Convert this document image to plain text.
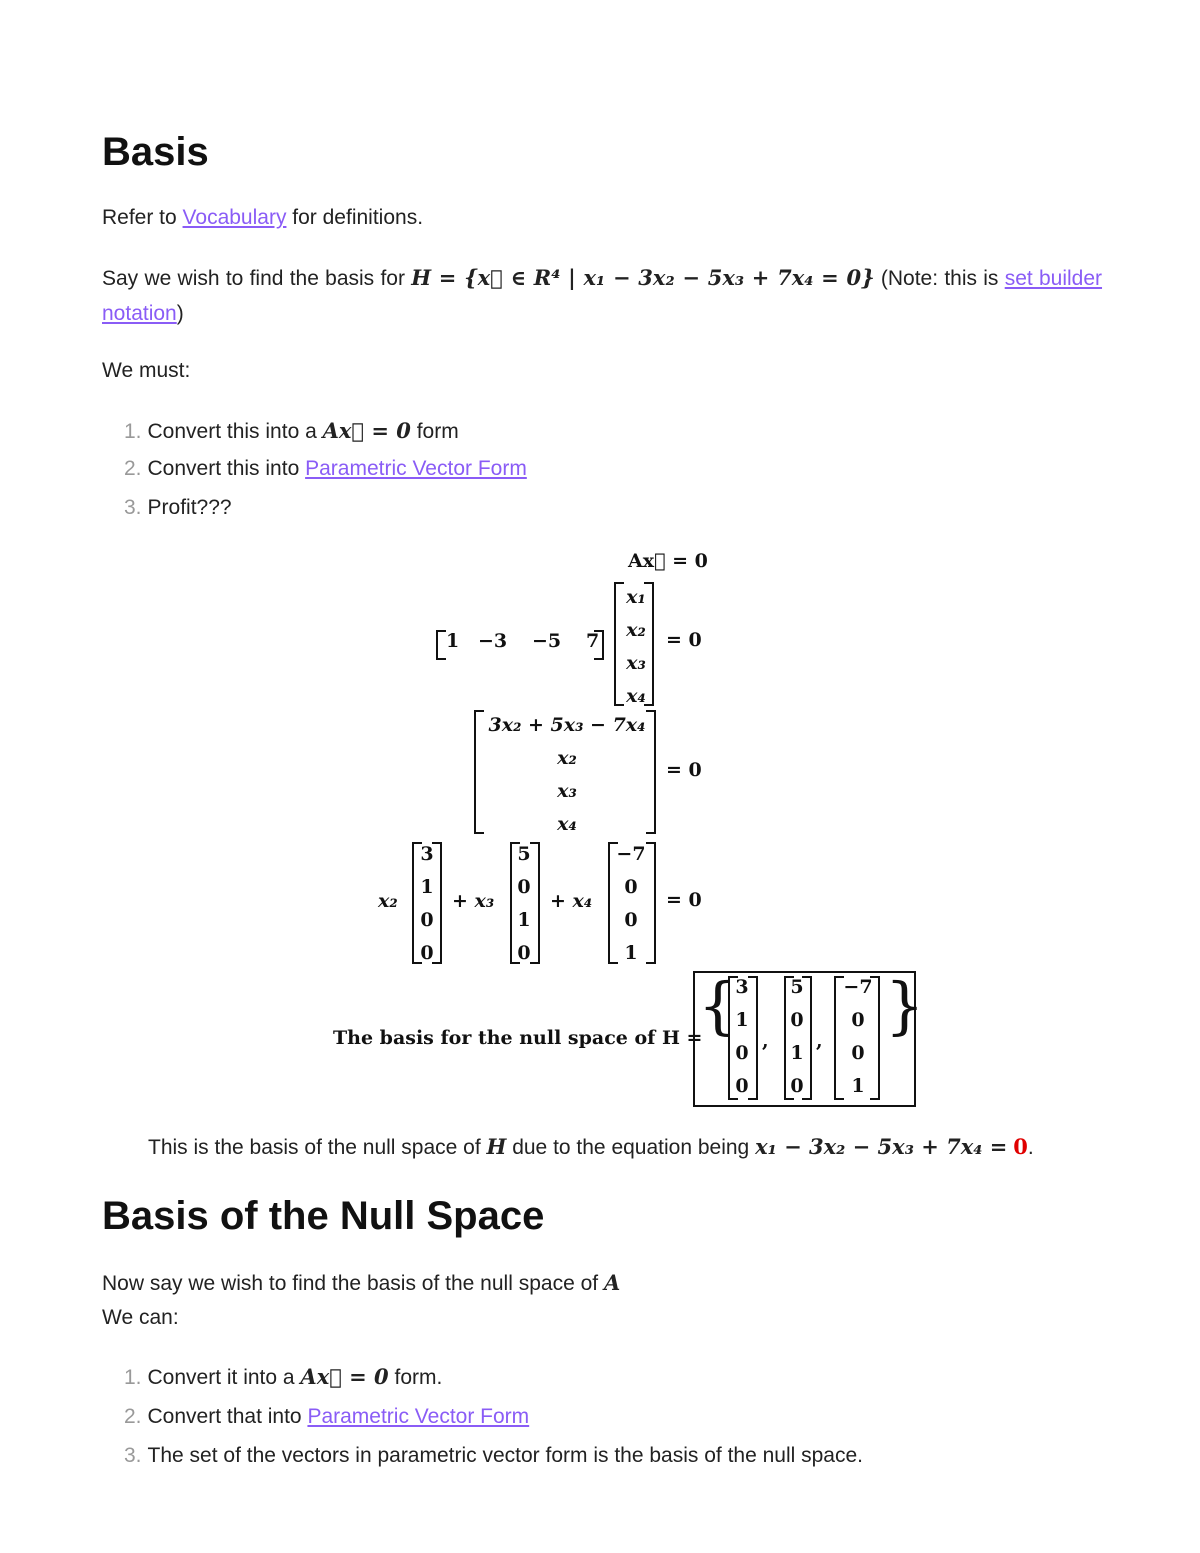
Basis

Refer to Vocabulary for definitions.

Say we wish to find the basis for H = {x⃗ ∈ R⁴ | x₁ − 3x₂ − 5x₃ + 7x₄ = 0} (Note: this is set builder notation)

We must:

1. Convert this into a Ax⃗ = 0 form
2. Convert this into Parametric Vector Form
3. Profit???
Ax⃗ = 0
1 −3 −5 7
x₁
x₂
x₃
x₄
= 0
3x₂ + 5x₃ − 7x₄
x₂
x₃
x₄
= 0
x₂
3
1
0
0
+ x₃
5
0
1
0
+ x₄
−7
0
0
1
= 0
The basis for the null space of H =
{
3
1
0
0
,
5
0
1
0
,
−7
0
0
1
}

This is the basis of the null space of H due to the equation being x₁ − 3x₂ − 5x₃ + 7x₄ = 0.

Basis of the Null Space

Now say we wish to find the basis of the null space of A

We can:

1. Convert it into a Ax⃗ = 0 form.
2. Convert that into Parametric Vector Form
3. The set of the vectors in parametric vector form is the basis of the null space.
